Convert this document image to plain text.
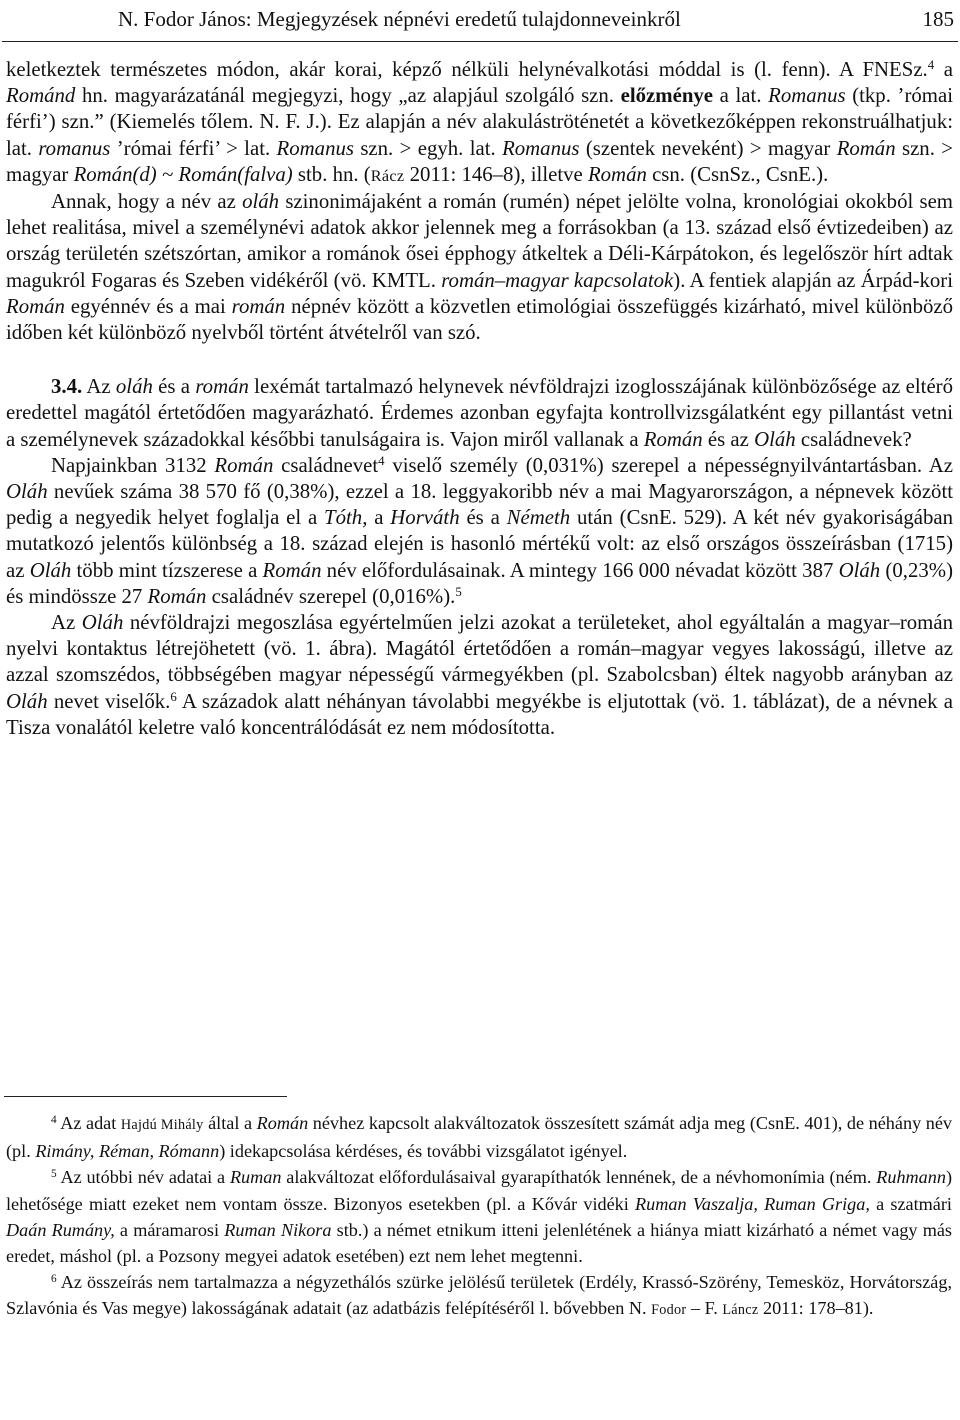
N. Fodor János: Megjegyzések népnévi eredetű tulajdonneveinkről	185

keletkeztek természetes módon, akár korai, képző nélküli helynévalkotási móddal is (l. fenn). A FNESz.$^4$ a Románd hn. magyarázatánál megjegyzi, hogy „az alapjául szolgáló szn. előzménye a lat. Romanus (tkp. ’római férfi’) szn.” (Kiemelés tőlem. N. F. J.). Ez alapján a név alakuláströténetét a következőképpen rekonstruálhatjuk: lat. romanus ’római férfi’ > lat. Romanus szn. > egyh. lat. Romanus (szentek neveként) > magyar Román szn. > magyar Román(d) ~ Román(falva) stb. hn. (Rácz 2011: 146–8), illetve Román csn. (CsnSz., CsnE.).

Annak, hogy a név az oláh szinonimájaként a román (rumén) népet jelölte volna, kronológiai okokból sem lehet realitása, mivel a személynévi adatok akkor jelennek meg a forrásokban (a 13. század első évtizedeiben) az ország területén szétszórtan, amikor a románok ősei épphogy átkeltek a Déli-Kárpátokon, és legelőször hírt adtak magukról Fogaras és Szeben vidékéről (vö. KMTL. román–magyar kapcsolatok). A fentiek alapján az Árpád-kori Román egyénnév és a mai román népnév között a közvetlen etimológiai összefüggés kizárható, mivel különböző időben két különböző nyelvből történt átvételről van szó.

3.4. Az oláh és a román lexémát tartalmazó helynevek névföldrajzi izoglosszájának különbözősége az eltérő eredettel magától értetődően magyarázható. Érdemes azonban egyfajta kontrollvizsgálatként egy pillantást vetni a személynevek századokkal későbbi tanulságaira is. Vajon miről vallanak a Román és az Oláh családnevek?

Napjainkban 3132 Román családnevet$^4$ viselő személy (0,031%) szerepel a népességnyilvántartásban. Az Oláh nevűek száma 38 570 fő (0,38%), ezzel a 18. leggyakoribb név a mai Magyarországon, a népnevek között pedig a negyedik helyet foglalja el a Tóth, a Horváth és a Németh után (CsnE. 529). A két név gyakoriságában mutatkozó jelentős különbség a 18. század elején is hasonló mértékű volt: az első országos összeírásban (1715) az Oláh több mint tízszerese a Román név előfordulásainak. A mintegy 166 000 névadat között 387 Oláh (0,23%) és mindössze 27 Román családnév szerepel (0,016%).$^5$

Az Oláh névföldrajzi megoszlása egyértelműen jelzi azokat a területeket, ahol egyáltalán a magyar–román nyelvi kontaktus létrejöhetett (vö. 1. ábra). Magától értetődően a román–magyar vegyes lakosságú, illetve az azzal szomszédos, többségében magyar népességű vármegyékben (pl. Szabolcsban) éltek nagyobb arányban az Oláh nevet viselők.$^6$ A századok alatt néhányan távolabbi megyékbe is eljutottak (vö. 1. táblázat), de a névnek a Tisza vonalától keletre való koncentrálódását ez nem módosította.

$^4$ Az adat Hajdú Mihály által a Román névhez kapcsolt alakváltozatok összesített számát adja meg (CsnE. 401), de néhány név (pl. Rimány, Réman, Rómann) idekapcsolása kérdéses, és további vizsgálatot igényel.

$^5$ Az utóbbi név adatai a Ruman alakváltozat előfordulásaival gyarapíthatók lennének, de a névhomonímia (ném. Ruhmann) lehetősége miatt ezeket nem vontam össze. Bizonyos esetekben (pl. a Kővár vidéki Ruman Vaszalja, Ruman Griga, a szatmári Daán Rumány, a máramarosi Ruman Nikora stb.) a német etnikum itteni jelenlétének a hiánya miatt kizárható a német vagy más eredet, máshol (pl. a Pozsony megyei adatok esetében) ezt nem lehet megtenni.

$^6$ Az összeírás nem tartalmazza a négyzethálós szürke jelölésű területek (Erdély, Krassó-Szörény, Temesköz, Horvátország, Szlavónia és Vas megye) lakosságának adatait (az adatbázis felépítéséről l. bővebben N. Fodor – F. Láncz 2011: 178–81).
